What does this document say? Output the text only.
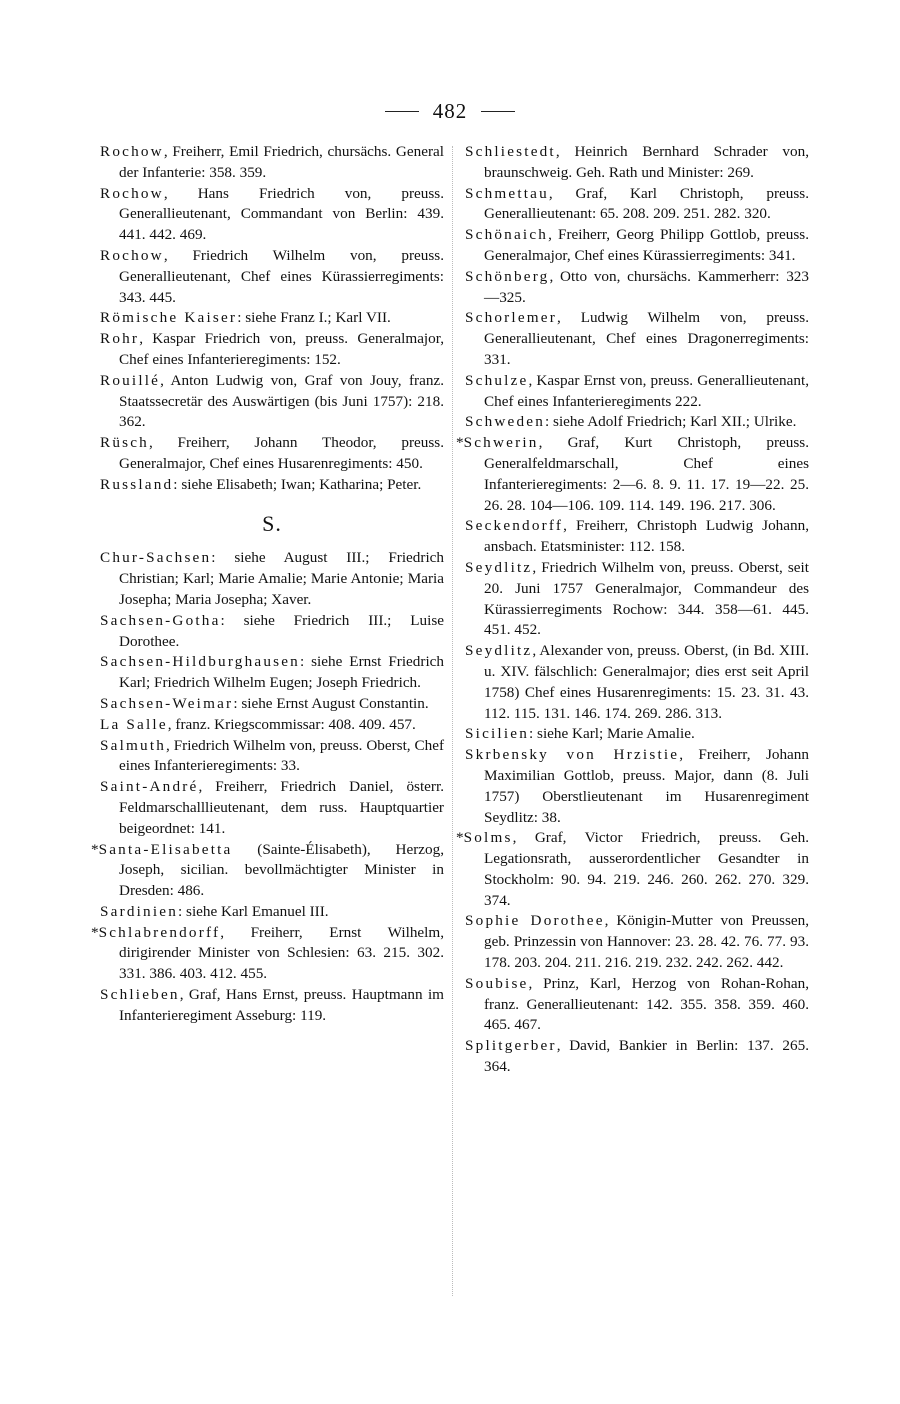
482

Rochow, Freiherr, Emil Friedrich, chursächs. General der Infanterie: 358. 359.

Rochow, Hans Friedrich von, preuss. Generallieutenant, Commandant von Berlin: 439. 441. 442. 469.

Rochow, Friedrich Wilhelm von, preuss. Generallieutenant, Chef eines Kürassierregiments: 343. 445.

Römische Kaiser: siehe Franz I.; Karl VII.

Rohr, Kaspar Friedrich von, preuss. Generalmajor, Chef eines Infanterieregiments: 152.

Rouillé, Anton Ludwig von, Graf von Jouy, franz. Staatssecretär des Auswärtigen (bis Juni 1757): 218. 362.

Rüsch, Freiherr, Johann Theodor, preuss. Generalmajor, Chef eines Husarenregiments: 450.

Russland: siehe Elisabeth; Iwan; Katharina; Peter.

S.

Chur-Sachsen: siehe August III.; Friedrich Christian; Karl; Marie Amalie; Marie Antonie; Maria Josepha; Maria Josepha; Xaver.

Sachsen-Gotha: siehe Friedrich III.; Luise Dorothee.

Sachsen-Hildburghausen: siehe Ernst Friedrich Karl; Friedrich Wilhelm Eugen; Joseph Friedrich.

Sachsen-Weimar: siehe Ernst August Constantin.

La Salle, franz. Kriegscommissar: 408. 409. 457.

Salmuth, Friedrich Wilhelm von, preuss. Oberst, Chef eines Infanterieregiments: 33.

Saint-André, Freiherr, Friedrich Daniel, österr. Feldmarschalllieutenant, dem russ. Hauptquartier beigeordnet: 141.

*Santa-Elisabetta (Sainte-Élisabeth), Herzog, Joseph, sicilian. bevollmächtigter Minister in Dresden: 486.

Sardinien: siehe Karl Emanuel III.

*Schlabrendorff, Freiherr, Ernst Wilhelm, dirigirender Minister von Schlesien: 63. 215. 302. 331. 386. 403. 412. 455.

Schlieben, Graf, Hans Ernst, preuss. Hauptmann im Infanterieregiment Asseburg: 119.

Schliestedt, Heinrich Bernhard Schrader von, braunschweig. Geh. Rath und Minister: 269.

Schmettau, Graf, Karl Christoph, preuss. Generallieutenant: 65. 208. 209. 251. 282. 320.

Schönaich, Freiherr, Georg Philipp Gottlob, preuss. Generalmajor, Chef eines Kürassierregiments: 341.

Schönberg, Otto von, chursächs. Kammerherr: 323—325.

Schorlemer, Ludwig Wilhelm von, preuss. Generallieutenant, Chef eines Dragonerregiments: 331.

Schulze, Kaspar Ernst von, preuss. Generallieutenant, Chef eines Infanterieregiments 222.

Schweden: siehe Adolf Friedrich; Karl XII.; Ulrike.

*Schwerin, Graf, Kurt Christoph, preuss. Generalfeldmarschall, Chef eines Infanterieregiments: 2—6. 8. 9. 11. 17. 19—22. 25. 26. 28. 104—106. 109. 114. 149. 196. 217. 306.

Seckendorff, Freiherr, Christoph Ludwig Johann, ansbach. Etatsminister: 112. 158.

Seydlitz, Friedrich Wilhelm von, preuss. Oberst, seit 20. Juni 1757 Generalmajor, Commandeur des Kürassierregiments Rochow: 344. 358—61. 445. 451. 452.

Seydlitz, Alexander von, preuss. Oberst, (in Bd. XIII. u. XIV. fälschlich: Generalmajor; dies erst seit April 1758) Chef eines Husarenregiments: 15. 23. 31. 43. 112. 115. 131. 146. 174. 269. 286. 313.

Sicilien: siehe Karl; Marie Amalie.

Skrbensky von Hrzistie, Freiherr, Johann Maximilian Gottlob, preuss. Major, dann (8. Juli 1757) Oberstlieutenant im Husarenregiment Seydlitz: 38.

*Solms, Graf, Victor Friedrich, preuss. Geh. Legationsrath, ausserordentlicher Gesandter in Stockholm: 90. 94. 219. 246. 260. 262. 270. 329. 374.

Sophie Dorothee, Königin-Mutter von Preussen, geb. Prinzessin von Hannover: 23. 28. 42. 76. 77. 93. 178. 203. 204. 211. 216. 219. 232. 242. 262. 442.

Soubise, Prinz, Karl, Herzog von Rohan-Rohan, franz. Generallieutenant: 142. 355. 358. 359. 460. 465. 467.

Splitgerber, David, Bankier in Berlin: 137. 265. 364.
